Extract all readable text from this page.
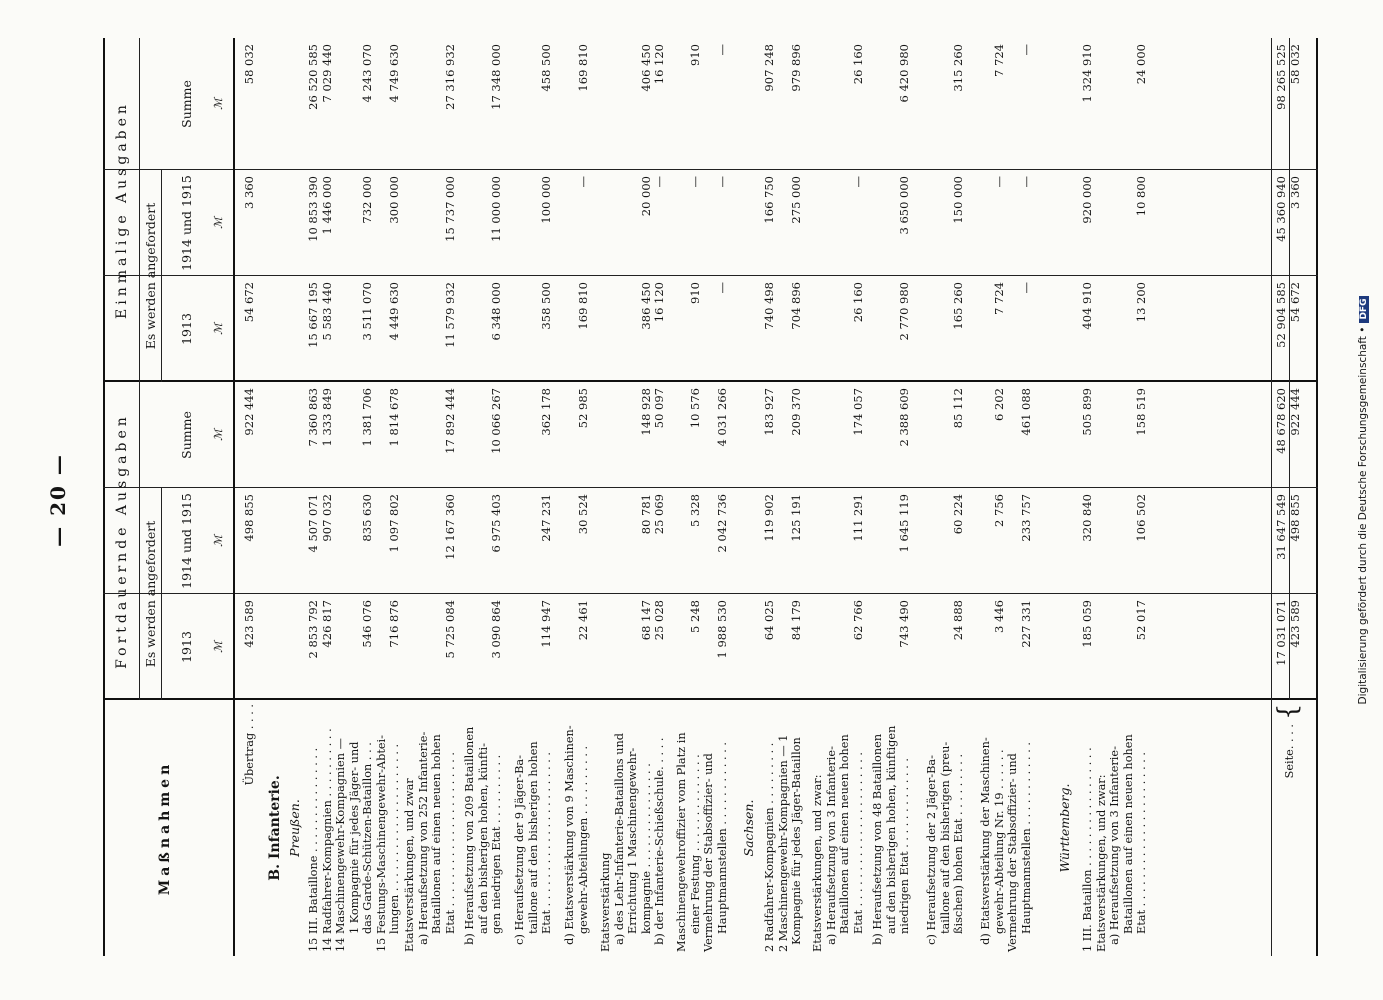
— 20 —
Maßnahmen
Fortdauernde Ausgaben
Einmalige Ausgaben
Es werden angefordert
Es werden angefordert
1913
1914 und 1915
Summe
1913
1914 und 1915
Summe
ℳ
ℳ
ℳ
ℳ
ℳ
ℳ
Übertrag . . . .
423 589
498 855
922 444
54 672
3 360
58 032
B. Infanterie. Preußen.
15 III. Bataillone . . . . . . . . . . . . . . .
14 Radfahrer-Kompagnien . . . . . . . . . .
14 Maschinengewehr-Kompagnien —
1 Kompagnie für jedes Jäger- und
2 853 792
426 817
4 507 071
907 032
7 360 863
1 333 849
15 667 195
5 583 440
10 853 390
1 446 000
26 520 585
7 029 440
das Garde-Schützen-Bataillon . . .
15 Festungs-Maschinengewehr-Abtei-
lungen . . . . . . . . . . . . . . . . . . . . .
546 076

716 876
835 630

1 097 802
1 381 706

1 814 678
3 511 070

4 449 630
732 000

300 000
4 243 070

4 749 630
Etatsverstärkungen, und zwar
a) Heraufsetzung von 252 Infanterie-
Bataillonen auf einen neuen hohen
Etat . . . . . . . . . . . . . . . . . . . . . .

5 725 084

12 167 360

17 892 444

11 579 932

15 737 000

27 316 932
b) Heraufsetzung von 209 Bataillonen
auf den bisherigen hohen, künfti-
gen niedrigen Etat . . . . . . . . . .

3 090 864

6 975 403

10 066 267

6 348 000

11 000 000

17 348 000
c) Heraufsetzung der 9 Jäger-Ba-
taillone auf den bisherigen hohen
Etat . . . . . . . . . . . . . . . . . . . . . .

114 947

247 231

362 178

358 500

100 000

458 500
d) Etatsverstärkung von 9 Maschinen-
gewehr-Abteilungen . . . . . . . . . .

22 461

30 524

52 985

169 810

—

169 810
Etatsverstärkung
a) des Lehr-Infanterie-Bataillons und
Errichtung 1 Maschinengewehr-
kompagnie . . . . . . . . . . . . . . .
b) der Infanterie-Schießschule. . . . .

68 147
25 028

80 781
25 069

148 928
50 097

386 450
16 120

20 000
—

406 450
16 120
Maschinengewehroffizier vom Platz in
einer Festung . . . . . . . . . . . . . .
Vermehrung der Stabsoffizier- und
Hauptmannstellen . . . . . . . . . . . .

5 248

1 988 530

5 328

2 042 736

10 576

4 031 266

910

—

—

—

910

—
Sachsen.
2 Radfahrer-Kompagnien . . . . . . . . .
2 Maschinengewehr-Kompagnien — 1
Kompagnie für jedes Jäger-Bataillon
64 025

84 179
119 902

125 191
183 927

209 370
740 498

704 896
166 750

275 000
907 248

979 896
Etatsverstärkungen, und zwar:
a) Heraufsetzung von 3 Infanterie-
Bataillonen auf einen neuen hohen
Etat . . . . . . . . . . . . . . . . . . . . . .

62 766

111 291

174 057

26 160

—

26 160
b) Heraufsetzung von 48 Bataillonen
auf den bisherigen hohen, künftigen
niedrigen Etat . . . . . . . . . . . . .

743 490

1 645 119

2 388 609

2 770 980

3 650 000

6 420 980
c) Heraufsetzung der 2 Jäger-Ba-
taillone auf den bisherigen (preu-
ßischen) hohen Etat . . . . . . . . .

24 888

60 224

85 112

165 260

150 000

315 260
d) Etatsverstärkung der Maschinen-
gewehr-Abteilung Nr. 19 . . . . . .
Vermehrung der Stabsoffizier- und
Hauptmannstellen . . . . . . . . . . . .

3 446

227 331

2 756

233 757

6 202

461 088

7 724

—

—

—

7 724

—
Württemberg.
1 III. Bataillon . . . . . . . . . . . . . . . . .
Etatsverstärkungen, und zwar:
a) Heraufsetzung von 3 Infanterie-
Bataillonen auf einen neuen hohen
Etat . . . . . . . . . . . . . . . . . . . . . .
185 059

52 017
320 840

106 502
505 899

158 519
404 910

13 200
920 000

10 800
1 324 910

24 000
Seite. . . .
{
17 031 071
423 589
31 647 549
498 855
48 678 620
922 444
52 904 585
54 672
45 360 940
3 360
98 265 525
58 032
Digitalisierung gefördert durch die Deutsche Forschungsgemeinschaft •DFG
